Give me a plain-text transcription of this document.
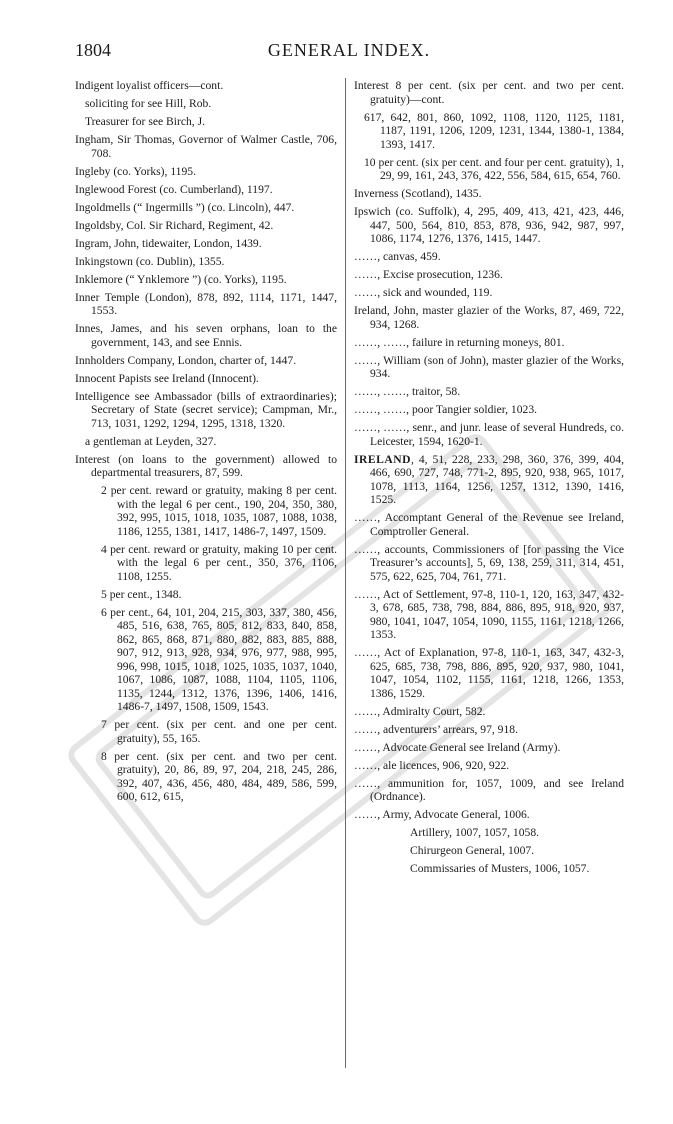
1804	GENERAL INDEX.
Indigent loyalist officers—cont.
soliciting for see Hill, Rob.
Treasurer for see Birch, J.
Ingham, Sir Thomas, Governor of Walmer Castle, 706, 708.
Ingleby (co. Yorks), 1195.
Inglewood Forest (co. Cumberland), 1197.
Ingoldmells (“ Ingermills ”) (co. Lincoln), 447.
Ingoldsby, Col. Sir Richard, Regiment, 42.
Ingram, John, tidewaiter, London, 1439.
Inkingstown (co. Dublin), 1355.
Inklemore (“ Ynklemore ”) (co. Yorks), 1195.
Inner Temple (London), 878, 892, 1114, 1171, 1447, 1553.
Innes, James, and his seven orphans, loan to the government, 143, and see Ennis.
Innholders Company, London, charter of, 1447.
Innocent Papists see Ireland (Innocent).
Intelligence see Ambassador (bills of extraordinaries); Secretary of State (secret service); Campman, Mr., 713, 1031, 1292, 1294, 1295, 1318, 1320.
a gentleman at Leyden, 327.
Interest (on loans to the government) allowed to departmental treasurers, 87, 599.
2 per cent. reward or gratuity, making 8 per cent. with the legal 6 per cent., 190, 204, 350, 380, 392, 995, 1015, 1018, 1035, 1087, 1088, 1038, 1186, 1255, 1381, 1417, 1486-7, 1497, 1509.
4 per cent. reward or gratuity, making 10 per cent. with the legal 6 per cent., 350, 376, 1106, 1108, 1255.
5 per cent., 1348.
6 per cent., 64, 101, 204, 215, 303, 337, 380, 456, 485, 516, 638, 765, 805, 812, 833, 840, 858, 862, 865, 868, 871, 880, 882, 883, 885, 888, 907, 912, 913, 928, 934, 976, 977, 988, 995, 996, 998, 1015, 1018, 1025, 1035, 1037, 1040, 1067, 1086, 1087, 1088, 1104, 1105, 1106, 1135, 1244, 1312, 1376, 1396, 1406, 1416, 1486-7, 1497, 1508, 1509, 1543.
7 per cent. (six per cent. and one per cent. gratuity), 55, 165.
8 per cent. (six per cent. and two per cent. gratuity), 20, 86, 89, 97, 204, 218, 245, 286, 392, 407, 436, 456, 480, 484, 489, 586, 599, 600, 612, 615,
Interest 8 per cent. (six per cent. and two per cent. gratuity)—cont.
617, 642, 801, 860, 1092, 1108, 1120, 1125, 1181, 1187, 1191, 1206, 1209, 1231, 1344, 1380-1, 1384, 1393, 1417.
10 per cent. (six per cent. and four per cent. gratuity), 1, 29, 99, 161, 243, 376, 422, 556, 584, 615, 654, 760.
Inverness (Scotland), 1435.
Ipswich (co. Suffolk), 4, 295, 409, 413, 421, 423, 446, 447, 500, 564, 810, 853, 878, 936, 942, 987, 997, 1086, 1174, 1276, 1376, 1415, 1447.
……, canvas, 459.
……, Excise prosecution, 1236.
……, sick and wounded, 119.
Ireland, John, master glazier of the Works, 87, 469, 722, 934, 1268.
……, ……, failure in returning moneys, 801.
……, William (son of John), master glazier of the Works, 934.
……, ……, traitor, 58.
……, ……, poor Tangier soldier, 1023.
……, ……, senr., and junr. lease of several Hundreds, co. Leicester, 1594, 1620-1.
IRELAND, 4, 51, 228, 233, 298, 360, 376, 399, 404, 466, 690, 727, 748, 771-2, 895, 920, 938, 965, 1017, 1078, 1113, 1164, 1256, 1257, 1312, 1390, 1416, 1525.
……, Accomptant General of the Revenue see Ireland, Comptroller General.
……, accounts, Commissioners of [for passing the Vice Treasurer’s accounts], 5, 69, 138, 259, 311, 314, 451, 575, 622, 625, 704, 761, 771.
……, Act of Settlement, 97-8, 110-1, 120, 163, 347, 432-3, 678, 685, 738, 798, 884, 886, 895, 918, 920, 937, 980, 1041, 1047, 1054, 1090, 1155, 1161, 1218, 1266, 1353.
……, Act of Explanation, 97-8, 110-1, 163, 347, 432-3, 625, 685, 738, 798, 886, 895, 920, 937, 980, 1041, 1047, 1054, 1102, 1155, 1161, 1218, 1266, 1353, 1386, 1529.
……, Admiralty Court, 582.
……, adventurers’ arrears, 97, 918.
……, Advocate General see Ireland (Army).
……, ale licences, 906, 920, 922.
……, ammunition for, 1057, 1009, and see Ireland (Ordnance).
……, Army, Advocate General, 1006.
Artillery, 1007, 1057, 1058.
Chirurgeon General, 1007.
Commissaries of Musters, 1006, 1057.
